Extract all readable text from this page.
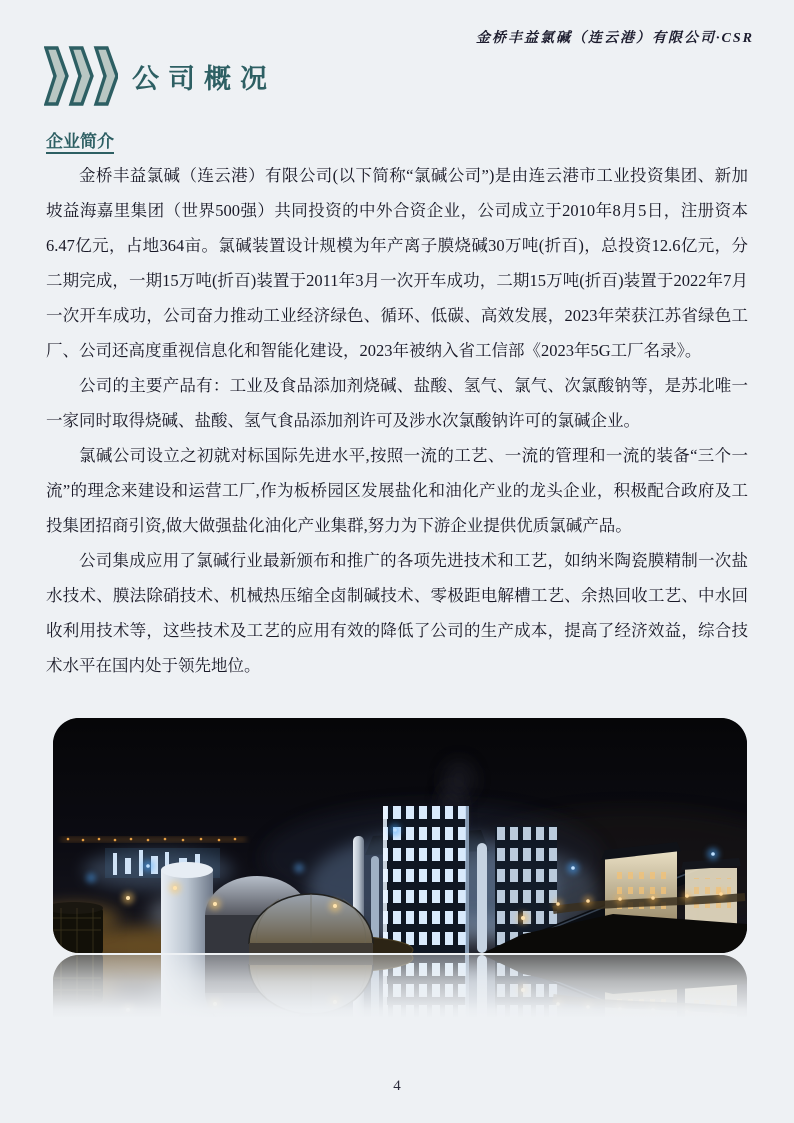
金桥丰益氯碱（连云港）有限公司·CSR
公司概况
企业简介

金桥丰益氯碱（连云港）有限公司(以下简称“氯碱公司”)是由连云港市工业投资集团、新加坡益海嘉里集团（世界500强）共同投资的中外合资企业，公司成立于2010年8月5日，注册资本6.47亿元，占地364亩。氯碱装置设计规模为年产离子膜烧碱30万吨(折百)，总投资12.6亿元，分二期完成，一期15万吨(折百)装置于2011年3月一次开车成功，二期15万吨(折百)装置于2022年7月一次开车成功，公司奋力推动工业经济绿色、循环、低碳、高效发展，2023年荣获江苏省绿色工厂、公司还高度重视信息化和智能化建设，2023年被纳入省工信部《2023年5G工厂名录》。

公司的主要产品有：工业及食品添加剂烧碱、盐酸、氢气、氯气、次氯酸钠等，是苏北唯一一家同时取得烧碱、盐酸、氢气食品添加剂许可及涉水次氯酸钠许可的氯碱企业。

氯碱公司设立之初就对标国际先进水平,按照一流的工艺、一流的管理和一流的装备“三个一流”的理念来建设和运营工厂,作为板桥园区发展盐化和油化产业的龙头企业，积极配合政府及工投集团招商引资,做大做强盐化油化产业集群,努力为下游企业提供优质氯碱产品。

公司集成应用了氯碱行业最新颁布和推广的各项先进技术和工艺，如纳米陶瓷膜精制一次盐水技术、膜法除硝技术、机械热压缩全卤制碱技术、零极距电解槽工艺、余热回收工艺、中水回收利用技术等，这些技术及工艺的应用有效的降低了公司的生产成本，提高了经济效益，综合技术水平在国内处于领先地位。

4
